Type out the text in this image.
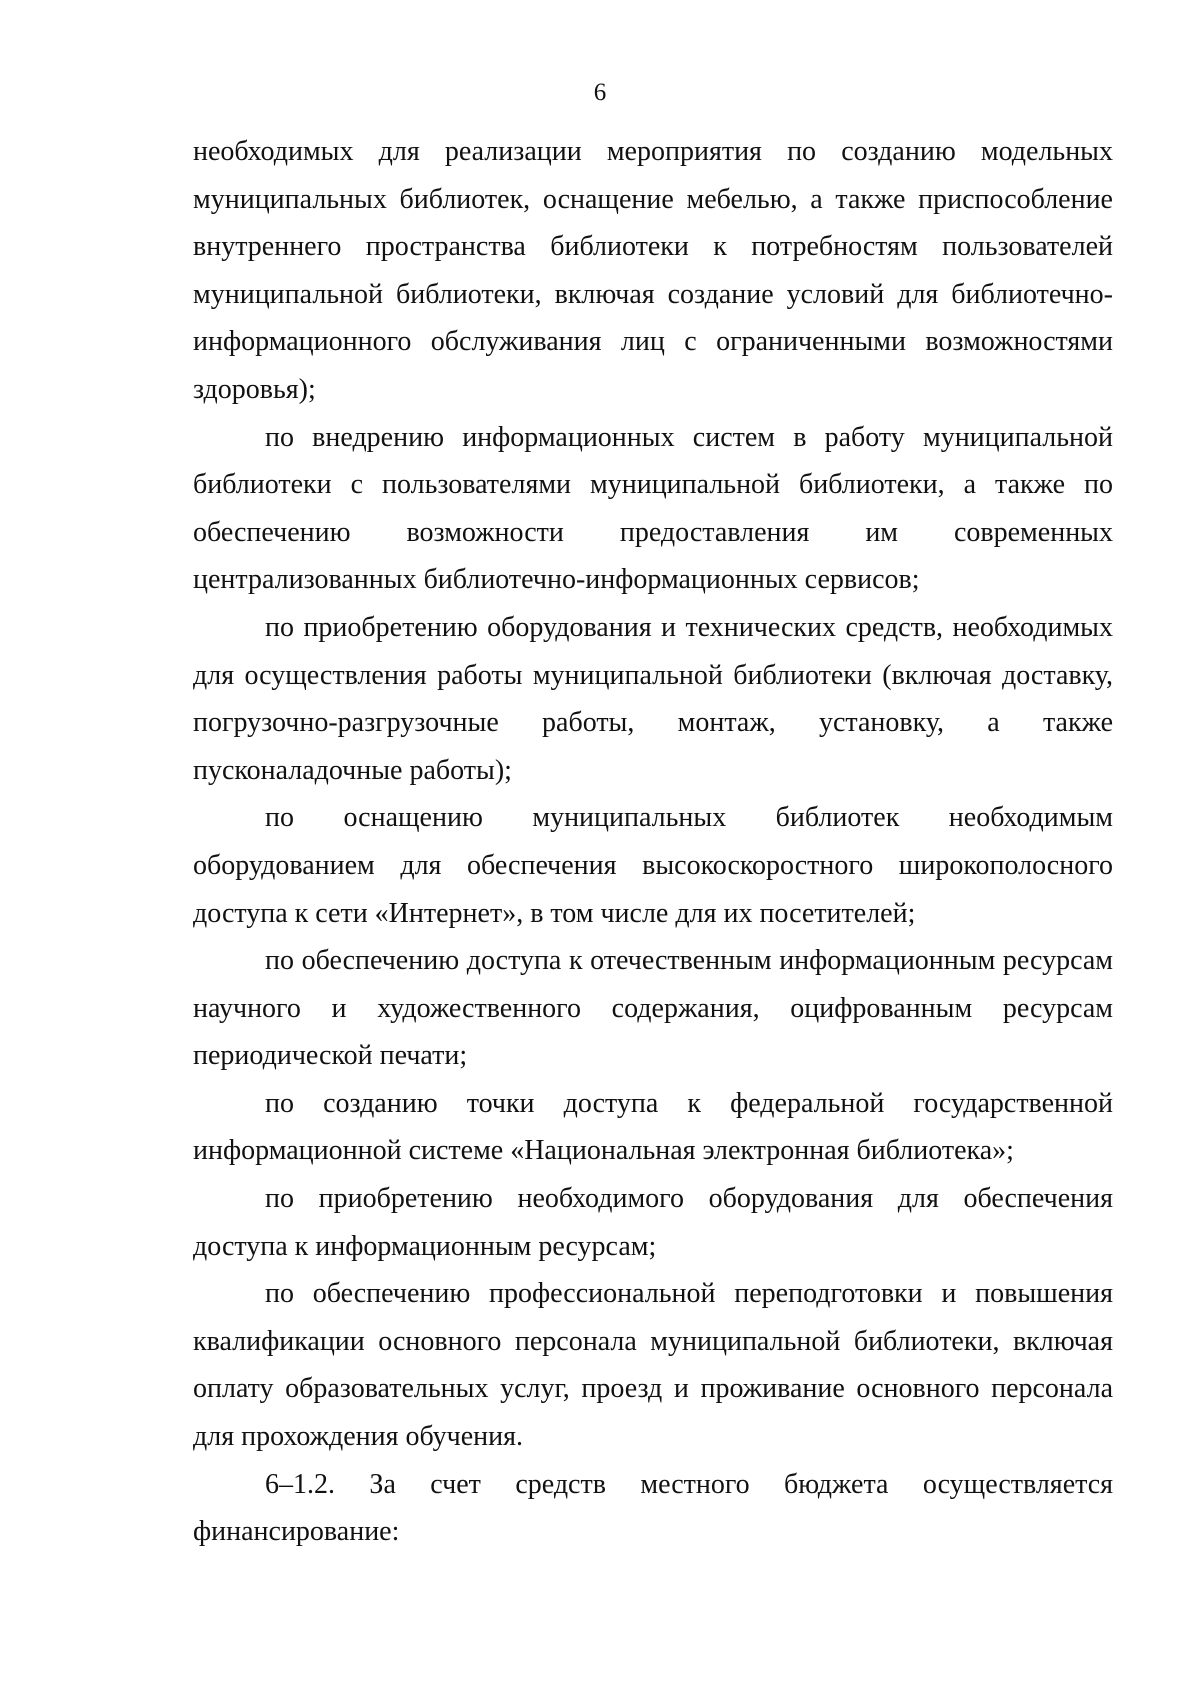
6

необходимых для реализации мероприятия по созданию модельных муниципальных библиотек, оснащение мебелью, а также приспособление внутреннего пространства библиотеки к потребностям пользователей муниципальной библиотеки, включая создание условий для библиотечно-информационного обслуживания лиц с ограниченными возможностями здоровья);

по внедрению информационных систем в работу муниципальной библиотеки с пользователями муниципальной библиотеки, а также по обеспечению возможности предоставления им современных централизованных библиотечно-информационных сервисов;

по приобретению оборудования и технических средств, необходимых для осуществления работы муниципальной библиотеки (включая доставку, погрузочно-разгрузочные работы, монтаж, установку, а также пусконаладочные работы);

по оснащению муниципальных библиотек необходимым оборудованием для обеспечения высокоскоростного широкополосного доступа к сети «Интернет», в том числе для их посетителей;

по обеспечению доступа к отечественным информационным ресурсам научного и художественного содержания, оцифрованным ресурсам периодической печати;

по созданию точки доступа к федеральной государственной информационной системе «Национальная электронная библиотека»;

по приобретению необходимого оборудования для обеспечения доступа к информационным ресурсам;

по обеспечению профессиональной переподготовки и повышения квалификации основного персонала муниципальной библиотеки, включая оплату образовательных услуг, проезд и проживание основного персонала для прохождения обучения.

6–1.2. За счет средств местного бюджета осуществляется финансирование:
